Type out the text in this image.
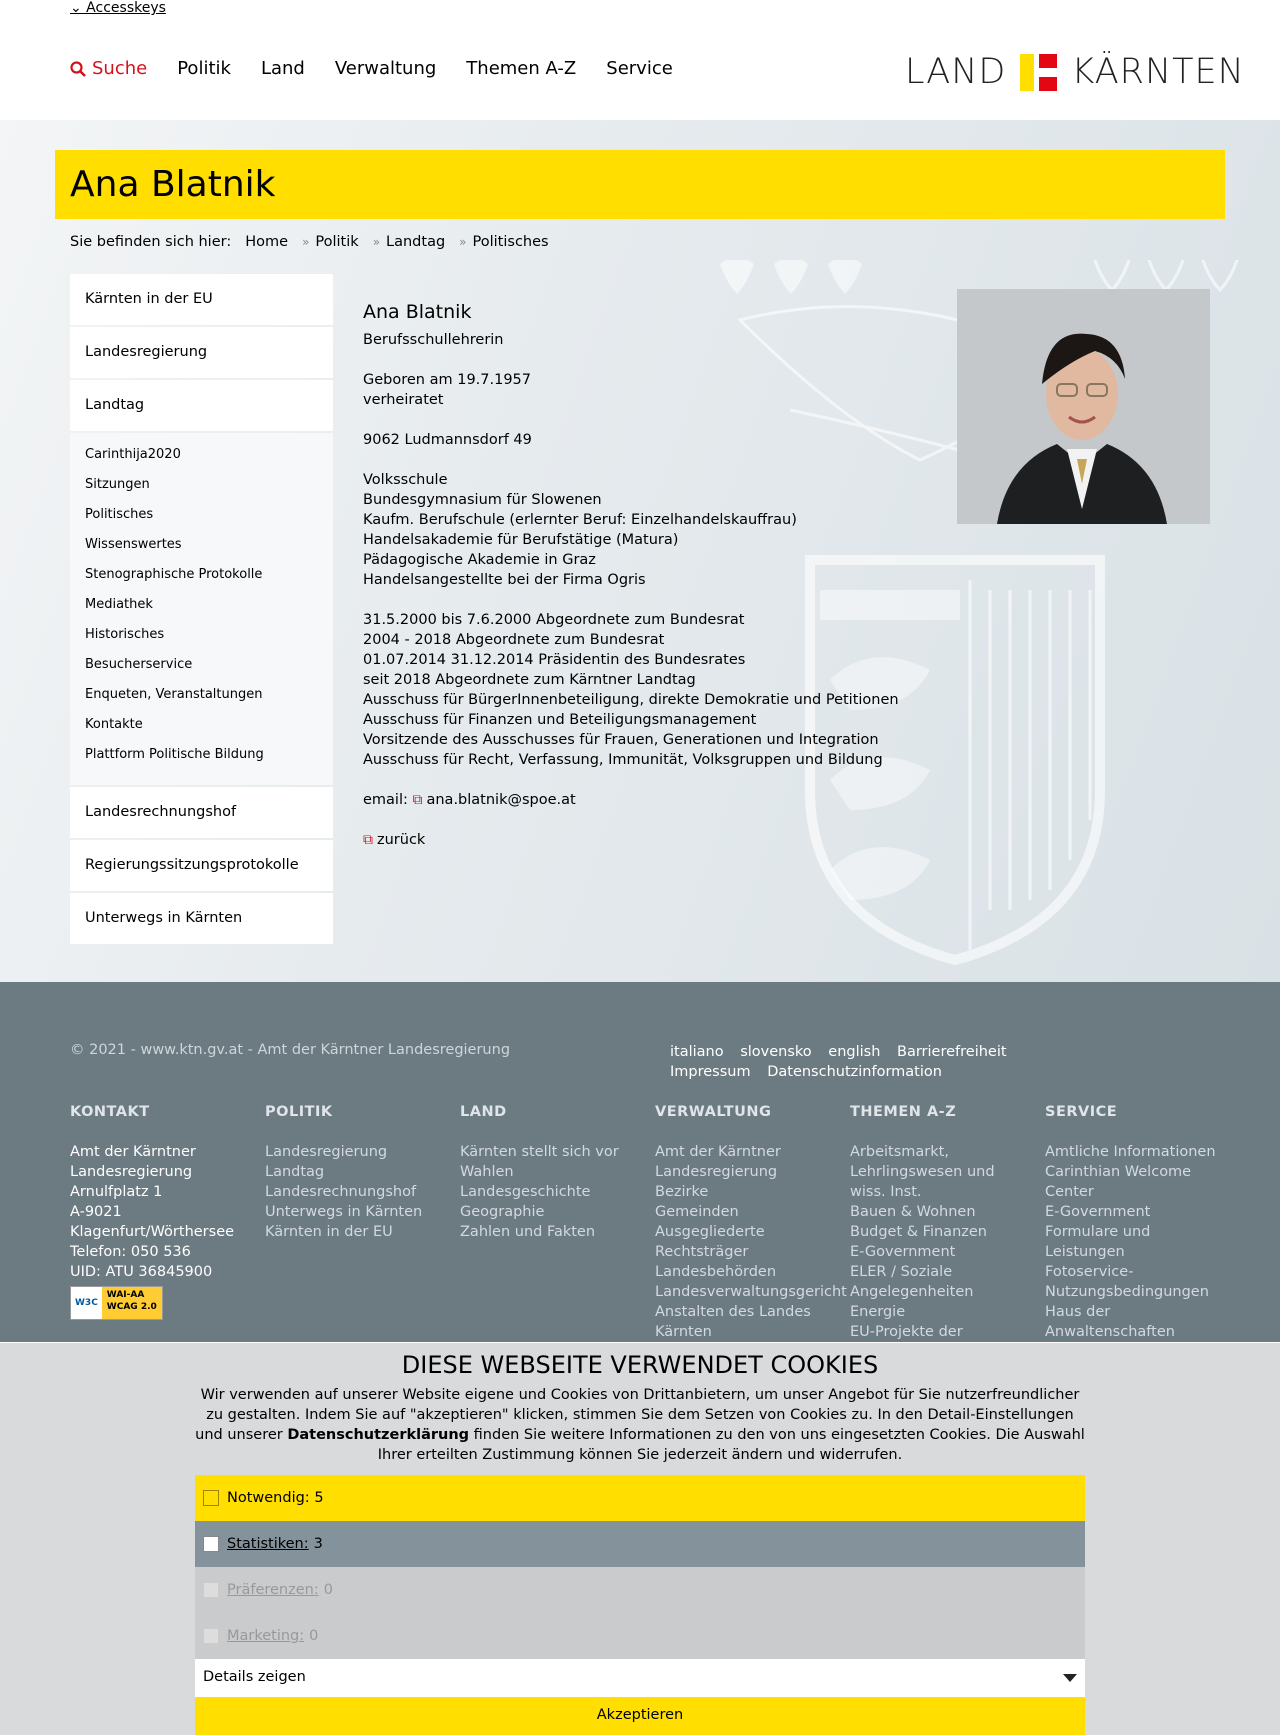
⌄ Accesskeys
Suche Politik Land Verwaltung Themen A-Z Service	LAND KÄRNTEN
Ana Blatnik
Sie befinden sich hier: Home » Politik » Landtag » Politisches
Kärnten in der EU
Landesregierung
Landtag
Carinthija2020
Sitzungen
Politisches
Wissenswertes
Stenographische Protokolle
Mediathek
Historisches
Besucherservice
Enqueten, Veranstaltungen
Kontakte
Plattform Politische Bildung
Landesrechnungshof
Regierungssitzungsprotokolle
Unterwegs in Kärnten
Ana Blatnik
Berufsschullehrerin
Geboren am 19.7.1957
verheiratet
9062 Ludmannsdorf 49
Volksschule
Bundesgymnasium für Slowenen
Kaufm. Berufschule (erlernter Beruf: Einzelhandelskauffrau)
Handelsakademie für Berufstätige (Matura)
Pädagogische Akademie in Graz
Handelsangestellte bei der Firma Ogris
31.5.2000 bis 7.6.2000 Abgeordnete zum Bundesrat
2004 - 2018 Abgeordnete zum Bundesrat
01.07.2014 31.12.2014 Präsidentin des Bundesrates
seit 2018 Abgeordnete zum Kärntner Landtag
Ausschuss für BürgerInnenbeteiligung, direkte Demokratie und Petitionen
Ausschuss für Finanzen und Beteiligungsmanagement
Vorsitzende des Ausschusses für Frauen, Generationen und Integration
Ausschuss für Recht, Verfassung, Immunität, Volksgruppen und Bildung
email: ⧉ ana.blatnik@spoe.at
⧉ zurück
© 2021 - www.ktn.gv.at - Amt der Kärntner Landesregierung	italiano slovensko english Barrierefreiheit Impressum Datenschutzinformation
KONTAKT
Amt der Kärntner Landesregierung
Arnulfplatz 1
A-9021 Klagenfurt/Wörthersee
Telefon: 050 536
UID: ATU 36845900
W3C
WAI-AA
WCAG 2.0
POLITIK
Landesregierung
Landtag
Landesrechnungshof
Unterwegs in Kärnten
Kärnten in der EU
LAND
Kärnten stellt sich vor
Wahlen
Landesgeschichte
Geographie
Zahlen und Fakten
VERWALTUNG
Amt der Kärntner Landesregierung
Bezirke
Gemeinden
Ausgegliederte Rechtsträger
Landesbehörden
Landesverwaltungsgericht
Anstalten des Landes Kärnten
THEMEN A-Z
Arbeitsmarkt, Lehrlingswesen und wiss. Inst.
Bauen & Wohnen
Budget & Finanzen
E-Government
ELER / Soziale Angelegenheiten
Energie
EU-Projekte der
SERVICE
Amtliche Informationen
Carinthian Welcome Center
E-Government
Formulare und Leistungen
Fotoservice-Nutzungsbedingungen
Haus der Anwaltenschaften
DIESE WEBSEITE VERWENDET COOKIES

Wir verwenden auf unserer Website eigene und Cookies von Drittanbietern, um unser Angebot für Sie nutzerfreundlicher zu gestalten. Indem Sie auf "akzeptieren" klicken, stimmen Sie dem Setzen von Cookies zu. In den Detail-Einstellungen und unserer Datenschutzerklärung finden Sie weitere Informationen zu den von uns eingesetzten Cookies. Die Auswahl Ihrer erteilten Zustimmung können Sie jederzeit ändern und widerrufen.

Notwendig:
5
Statistiken: 3
Präferenzen: 0
Marketing: 0
Details zeigen
Akzeptieren
